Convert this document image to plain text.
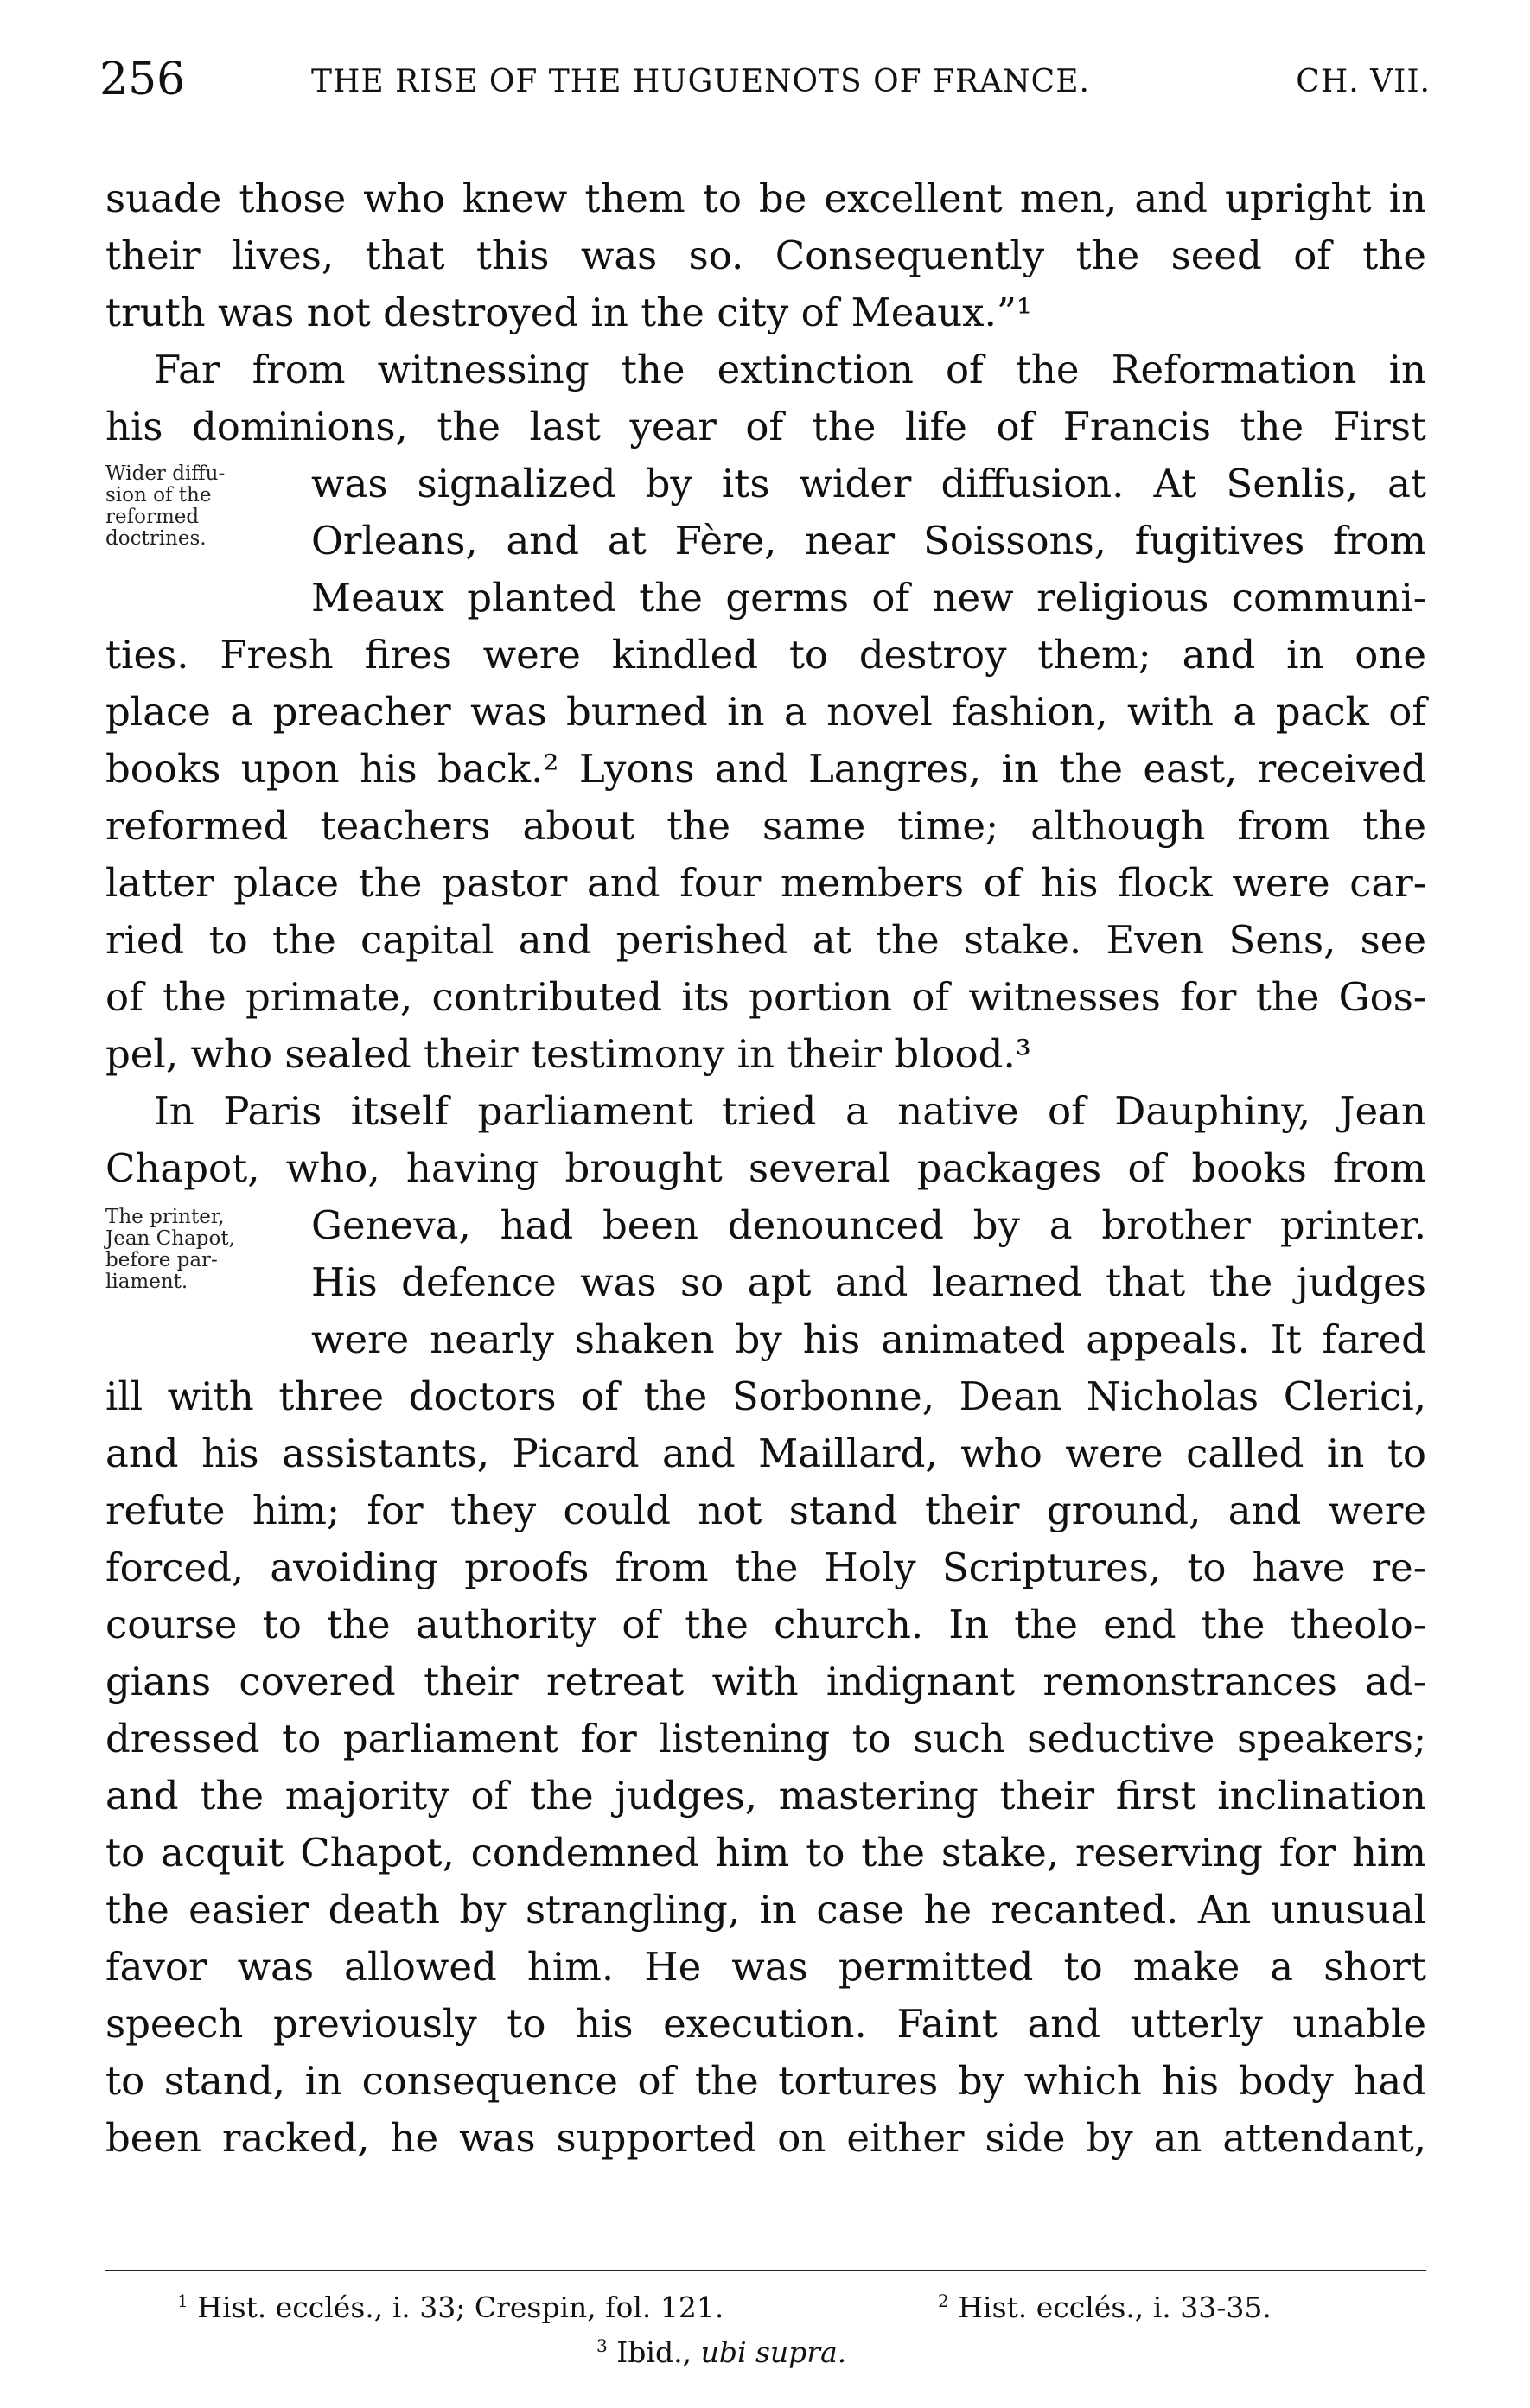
256	THE RISE OF THE HUGUENOTS OF FRANCE.	CH. VII.
suade those who knew them to be excellent men, and upright in
their lives, that this was so. Consequently the seed of the
truth was not destroyed in the city of Meaux.”¹
Far from witnessing the extinction of the Reformation in
his dominions, the last year of the life of Francis the First
was signalized by its wider diffusion. At Senlis, at
Orleans, and at Fère, near Soissons, fugitives from
Meaux planted the germs of new religious communi-
ties. Fresh fires were kindled to destroy them; and in one
place a preacher was burned in a novel fashion, with a pack of
books upon his back.² Lyons and Langres, in the east, received
reformed teachers about the same time; although from the
latter place the pastor and four members of his flock were car-
ried to the capital and perished at the stake. Even Sens, see
of the primate, contributed its portion of witnesses for the Gos-
pel, who sealed their testimony in their blood.³
In Paris itself parliament tried a native of Dauphiny, Jean
Chapot, who, having brought several packages of books from
Geneva, had been denounced by a brother printer.
His defence was so apt and learned that the judges
were nearly shaken by his animated appeals. It fared
ill with three doctors of the Sorbonne, Dean Nicholas Clerici,
and his assistants, Picard and Maillard, who were called in to
refute him; for they could not stand their ground, and were
forced, avoiding proofs from the Holy Scriptures, to have re-
course to the authority of the church. In the end the theolo-
gians covered their retreat with indignant remonstrances ad-
dressed to parliament for listening to such seductive speakers;
and the majority of the judges, mastering their first inclination
to acquit Chapot, condemned him to the stake, reserving for him
the easier death by strangling, in case he recanted. An unusual
favor was allowed him. He was permitted to make a short
speech previously to his execution. Faint and utterly unable
to stand, in consequence of the tortures by which his body had
been racked, he was supported on either side by an attendant,
Wider diffu-
sion of the
reformed
doctrines.
The printer,
Jean Chapot,
before par-
liament.
$^1$ Hist. ecclés., i. 33; Crespin, fol. 121.	$^2$ Hist. ecclés., i. 33-35.
$^3$ Ibid., ubi supra.
